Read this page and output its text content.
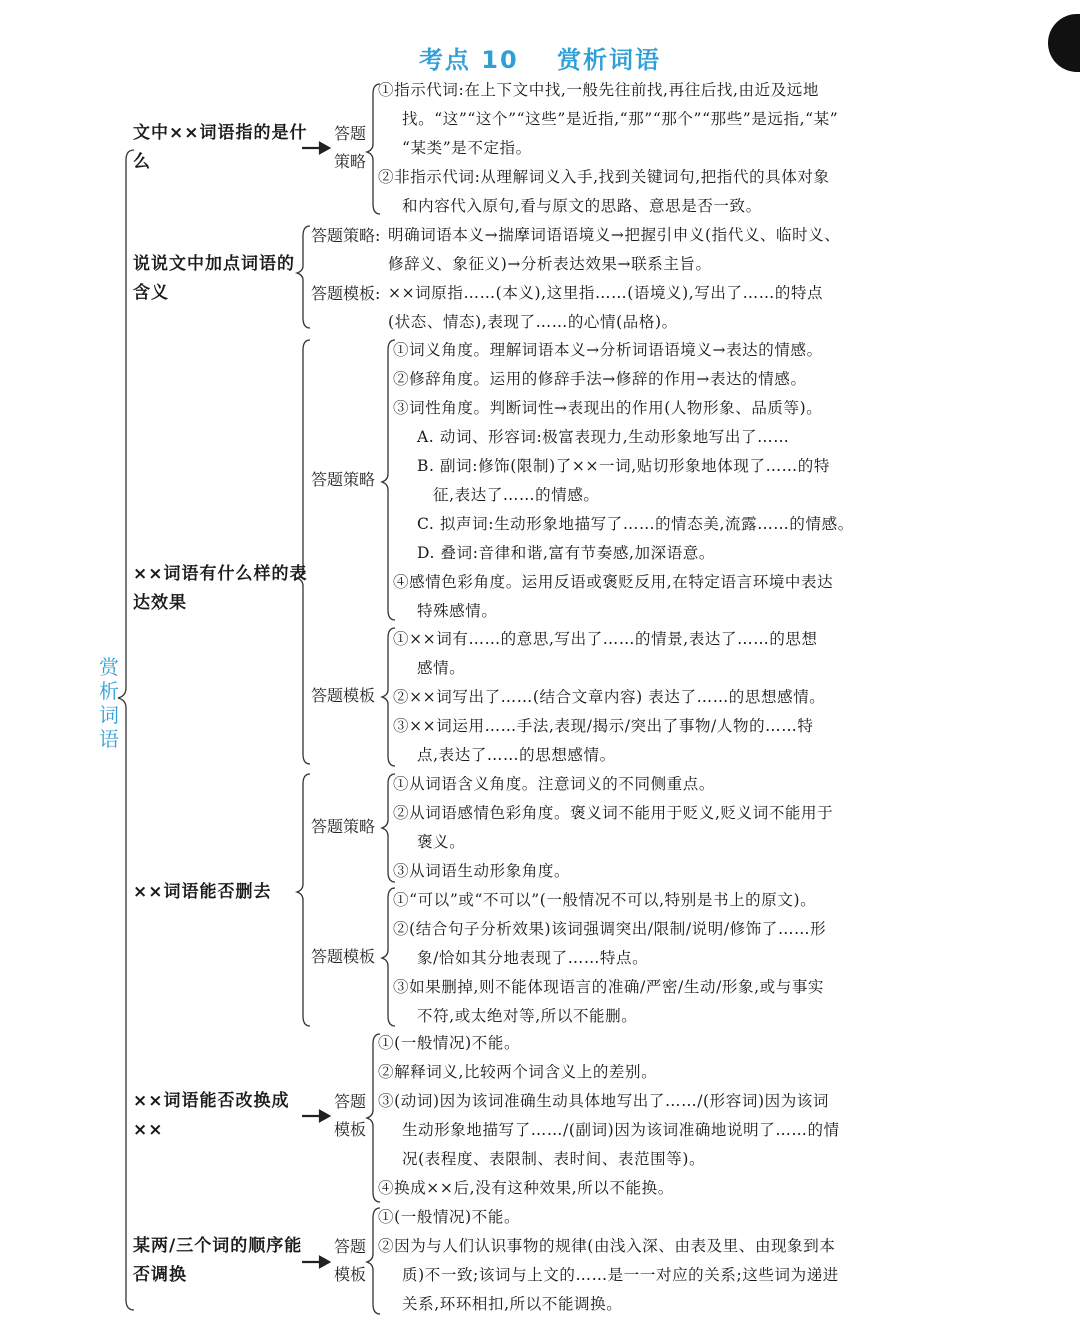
考点 10 赏析词语
赏
析
词
语
文中××词语指的是什么
答题
策略
①指示代词:在上下文中找,一般先往前找,再往后找,由近及远地
找。“这”“这个”“这些”是近指,“那”“那个”“那些”是远指,“某”
“某类”是不定指。
②非指示代词:从理解词义入手,找到关键词句,把指代的具体对象
和内容代入原句,看与原文的思路、意思是否一致。
说说文中加点词语的含义
答题策略: 明确词语本义→揣摩词语语境义→把握引申义(指代义、临时义、
修辞义、象征义)→分析表达效果→联系主旨。
答题模板: ××词原指……(本义),这里指……(语境义),写出了……的特点
(状态、情态),表现了……的心情(品格)。
××词语有什么样的表达效果
答题策略
①词义角度。理解词语本义→分析词语语境义→表达的情感。
②修辞角度。运用的修辞手法→修辞的作用→表达的情感。
③词性角度。判断词性→表现出的作用(人物形象、品质等)。
A. 动词、形容词:极富表现力,生动形象地写出了……
B. 副词:修饰(限制)了××一词,贴切形象地体现了……的特
征,表达了……的情感。
C. 拟声词:生动形象地描写了……的情态美,流露……的情感。
D. 叠词:音律和谐,富有节奏感,加深语意。
④感情色彩角度。运用反语或褒贬反用,在特定语言环境中表达
特殊感情。
答题模板
①××词有……的意思,写出了……的情景,表达了……的思想
感情。
②××词写出了……(结合文章内容) 表达了……的思想感情。
③××词运用……手法,表现/揭示/突出了事物/人物的……特
点,表达了……的思想感情。
××词语能否删去
答题策略
①从词语含义角度。注意词义的不同侧重点。
②从词语感情色彩角度。褒义词不能用于贬义,贬义词不能用于
褒义。
③从词语生动形象角度。
答题模板
①“可以”或“不可以”(一般情况不可以,特别是书上的原文)。
②(结合句子分析效果)该词强调突出/限制/说明/修饰了……形
象/恰如其分地表现了……特点。
③如果删掉,则不能体现语言的准确/严密/生动/形象,或与事实
不符,或太绝对等,所以不能删。
××词语能否改换成××
答题
模板
①(一般情况)不能。
②解释词义,比较两个词含义上的差别。
③(动词)因为该词准确生动具体地写出了……/(形容词)因为该词
生动形象地描写了……/(副词)因为该词准确地说明了……的情
况(表程度、表限制、表时间、表范围等)。
④换成××后,没有这种效果,所以不能换。
某两/三个词的顺序能否调换
答题
模板
①(一般情况)不能。
②因为与人们认识事物的规律(由浅入深、由表及里、由现象到本
质)不一致;该词与上文的……是一一对应的关系;这些词为递进
关系,环环相扣,所以不能调换。
